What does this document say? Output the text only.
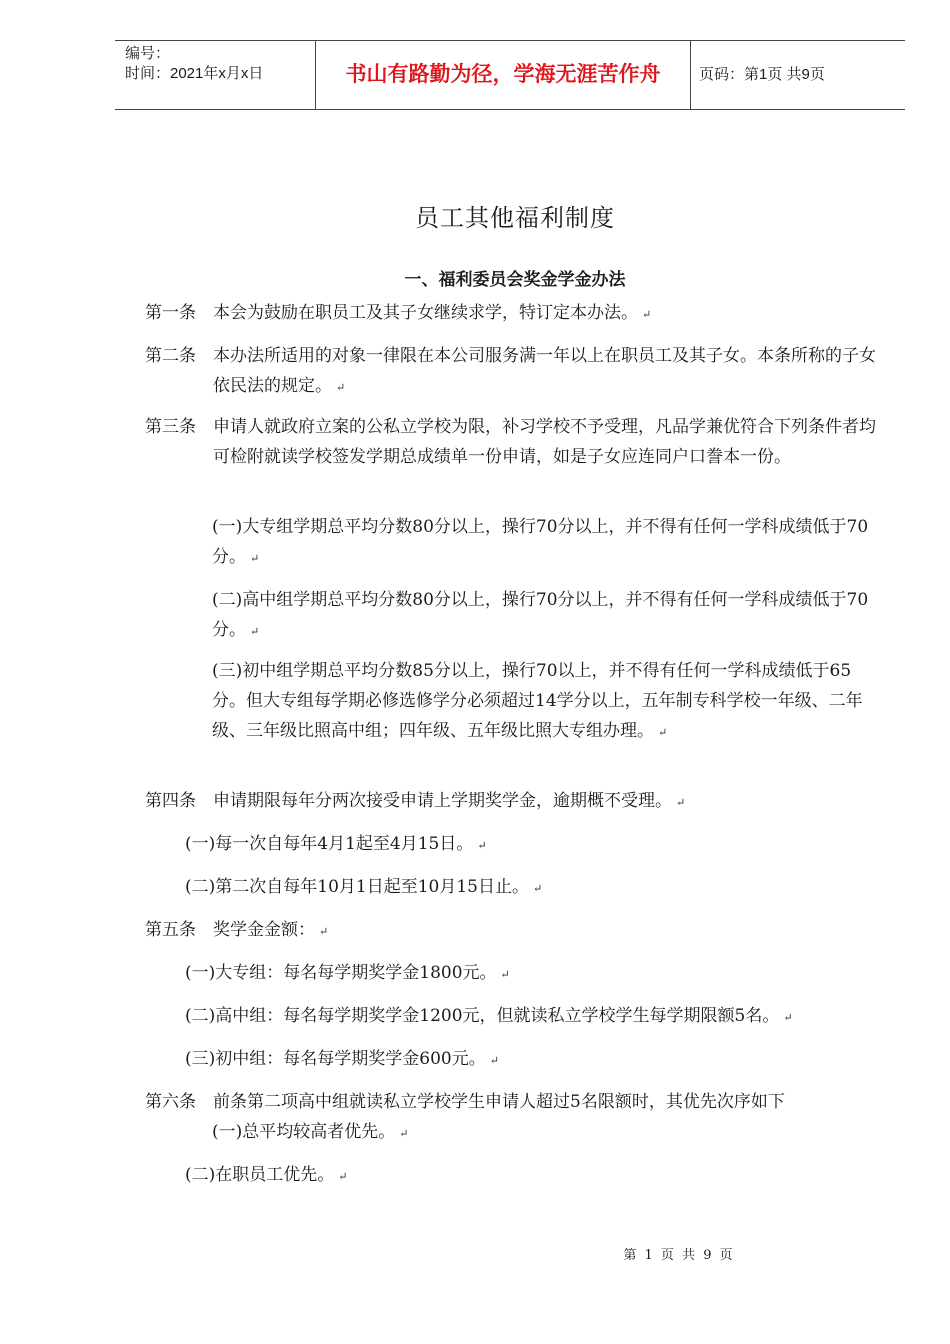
编号：
时间：2021年x月x日	书山有路勤为径，学海无涯苦作舟	页码：第1页 共9页
员工其他福利制度
一、福利委员会奖金学金办法
第一条 本会为鼓励在职员工及其子女继续求学，特订定本办法。 ↵
第二条 本办法所适用的对象一律限在本公司服务满一年以上在职员工及其子女。本条所称的子女依民法的规定。 ↵
第三条 申请人就政府立案的公私立学校为限，补习学校不予受理，凡品学兼优符合下列条件者均可检附就读学校签发学期总成绩单一份申请，如是子女应连同户口誊本一份。
(一)大专组学期总平均分数80分以上，操行70分以上，并不得有任何一学科成绩低于70分。 ↵
(二)高中组学期总平均分数80分以上，操行70分以上，并不得有任何一学科成绩低于70分。 ↵
(三)初中组学期总平均分数85分以上，操行70以上，并不得有任何一学科成绩低于65分。但大专组每学期必修选修学分必须超过14学分以上，五年制专科学校一年级、二年级、三年级比照高中组；四年级、五年级比照大专组办理。 ↵
第四条 申请期限每年分两次接受申请上学期奖学金，逾期概不受理。 ↵
(一)每一次自每年4月1起至4月15日。 ↵
(二)第二次自每年10月1日起至10月15日止。 ↵
第五条 奖学金金额： ↵
(一)大专组：每名每学期奖学金1800元。 ↵
(二)高中组：每名每学期奖学金1200元，但就读私立学校学生每学期限额5名。 ↵
(三)初中组：每名每学期奖学金600元。 ↵
第六条 前条第二项高中组就读私立学校学生申请人超过5名限额时，其优先次序如下
(一)总平均较高者优先。 ↵
(二)在职员工优先。 ↵
第 1 页 共 9 页
